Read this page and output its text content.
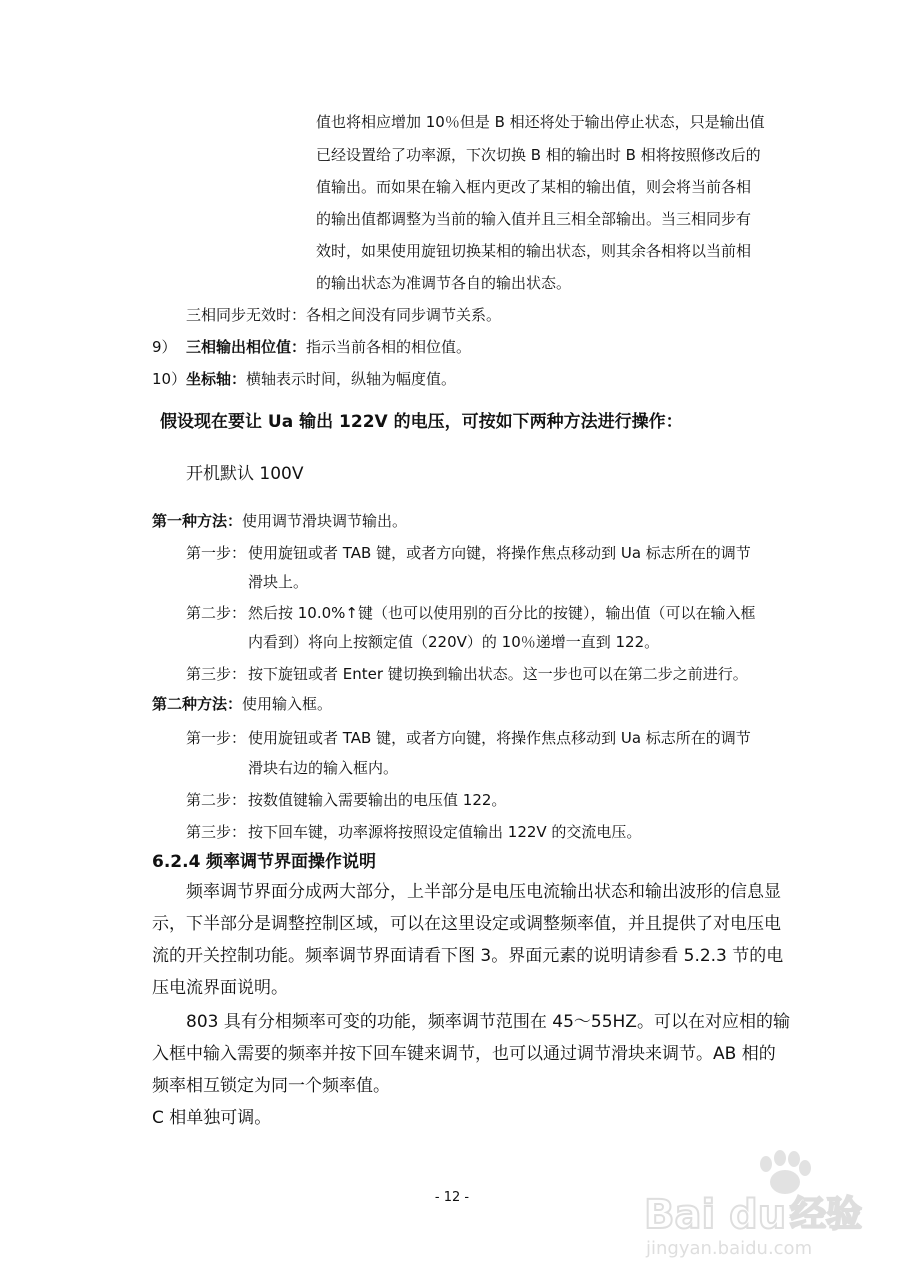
值也将相应增加 10％但是 B 相还将处于输出停止状态，只是输出值
已经设置给了功率源，下次切换 B 相的输出时 B 相将按照修改后的
值输出。而如果在输入框内更改了某相的输出值，则会将当前各相
的输出值都调整为当前的输入值并且三相全部输出。当三相同步有
效时，如果使用旋钮切换某相的输出状态，则其余各相将以当前相
的输出状态为准调节各自的输出状态。
三相同步无效时：各相之间没有同步调节关系。
9） 三相输出相位值：指示当前各相的相位值。
10）坐标轴：横轴表示时间，纵轴为幅度值。
假设现在要让 Ua 输出 122V 的电压，可按如下两种方法进行操作：
开机默认 100V
第一种方法：使用调节滑块调节输出。
第一步： 使用旋钮或者 TAB 键，或者方向键，将操作焦点移动到 Ua 标志所在的调节
滑块上。
第二步： 然后按 10.0%↑键（也可以使用别的百分比的按键），输出值（可以在输入框
内看到）将向上按额定值（220V）的 10％递增一直到 122。
第三步： 按下旋钮或者 Enter 键切换到输出状态。这一步也可以在第二步之前进行。
第二种方法：使用输入框。
第一步： 使用旋钮或者 TAB 键，或者方向键，将操作焦点移动到 Ua 标志所在的调节
滑块右边的输入框内。
第二步： 按数值键输入需要输出的电压值 122。
第三步： 按下回车键，功率源将按照设定值输出 122V 的交流电压。
6.2.4 频率调节界面操作说明
频率调节界面分成两大部分，上半部分是电压电流输出状态和输出波形的信息显示，下半部分是调整控制区域，可以在这里设定或调整频率值，并且提供了对电压电流的开关控制功能。频率调节界面请看下图 3。界面元素的说明请参看 5.2.3 节的电压电流界面说明。
803 具有分相频率可变的功能，频率调节范围在 45～55HZ。可以在对应相的输入框中输入需要的频率并按下回车键来调节，也可以通过调节滑块来调节。AB 相的频率相互锁定为同一个频率值。
C 相单独可调。
- 12 -	Bai du 经验
jingyan.baidu.com
